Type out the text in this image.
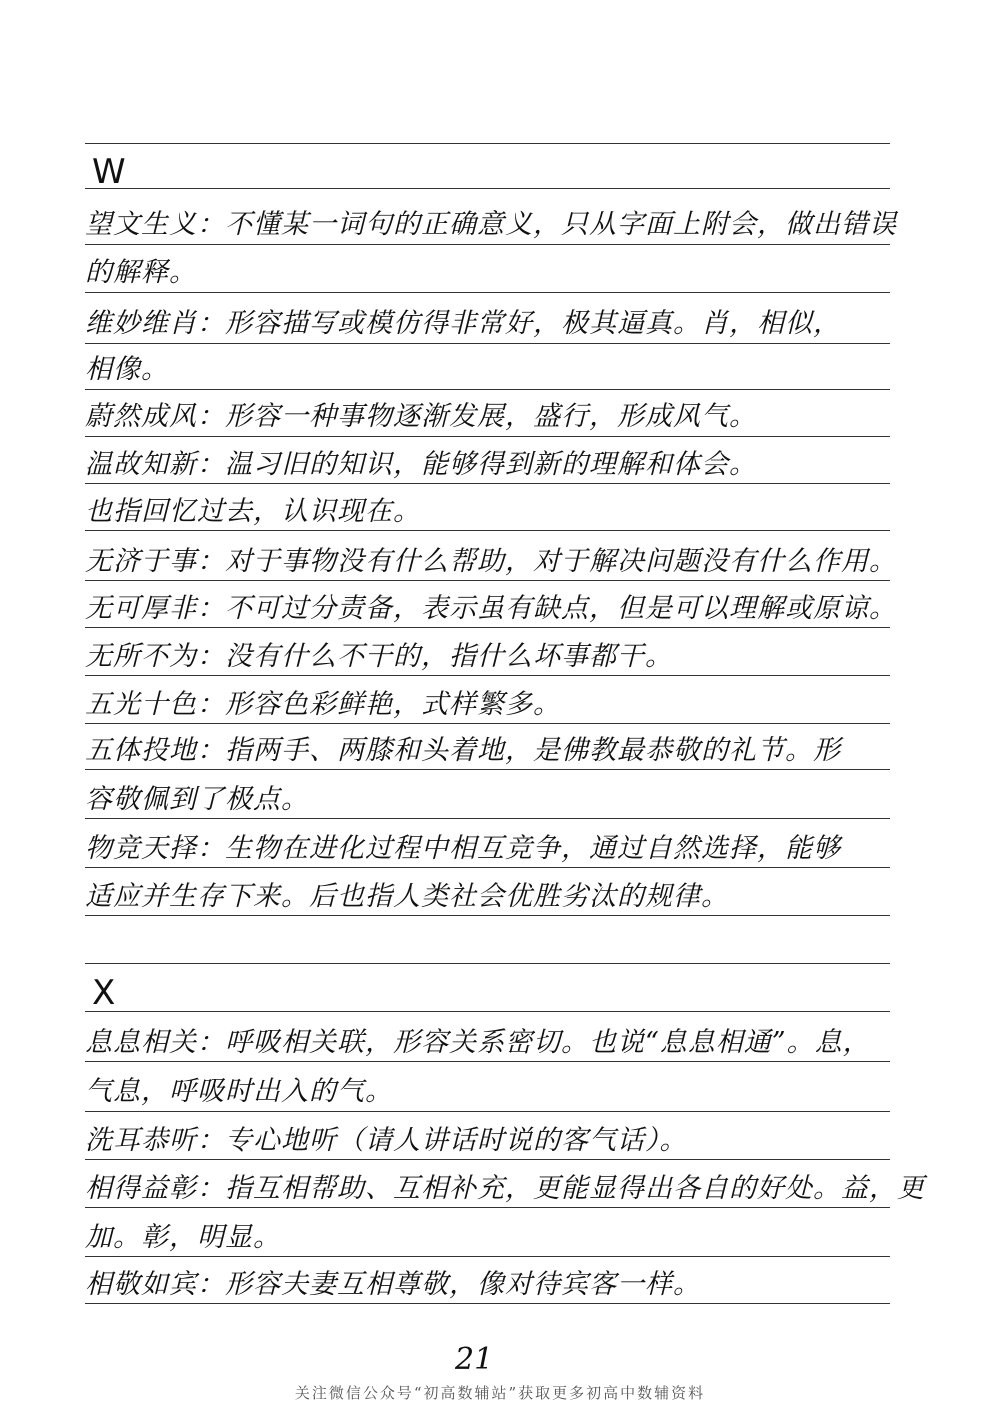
W
望文生义：不懂某一词句的正确意义，只从字面上附会，做出错误
的解释。
维妙维肖：形容描写或模仿得非常好，极其逼真。肖，相似，
相像。
蔚然成风：形容一种事物逐渐发展，盛行，形成风气。
温故知新：温习旧的知识，能够得到新的理解和体会。
也指回忆过去，认识现在。
无济于事：对于事物没有什么帮助，对于解决问题没有什么作用。
无可厚非：不可过分责备，表示虽有缺点，但是可以理解或原谅。
无所不为：没有什么不干的，指什么坏事都干。
五光十色：形容色彩鲜艳，式样繁多。
五体投地：指两手、两膝和头着地，是佛教最恭敬的礼节。形
容敬佩到了极点。
物竞天择：生物在进化过程中相互竞争，通过自然选择，能够
适应并生存下来。后也指人类社会优胜劣汰的规律。
X
息息相关：呼吸相关联，形容关系密切。也说“息息相通”。息，
气息，呼吸时出入的气。
洗耳恭听：专心地听（请人讲话时说的客气话）。
相得益彰：指互相帮助、互相补充，更能显得出各自的好处。益，更
加。彰，明显。
相敬如宾：形容夫妻互相尊敬，像对待宾客一样。
21
关注微信公众号“初高数辅站”获取更多初高中数辅资料
